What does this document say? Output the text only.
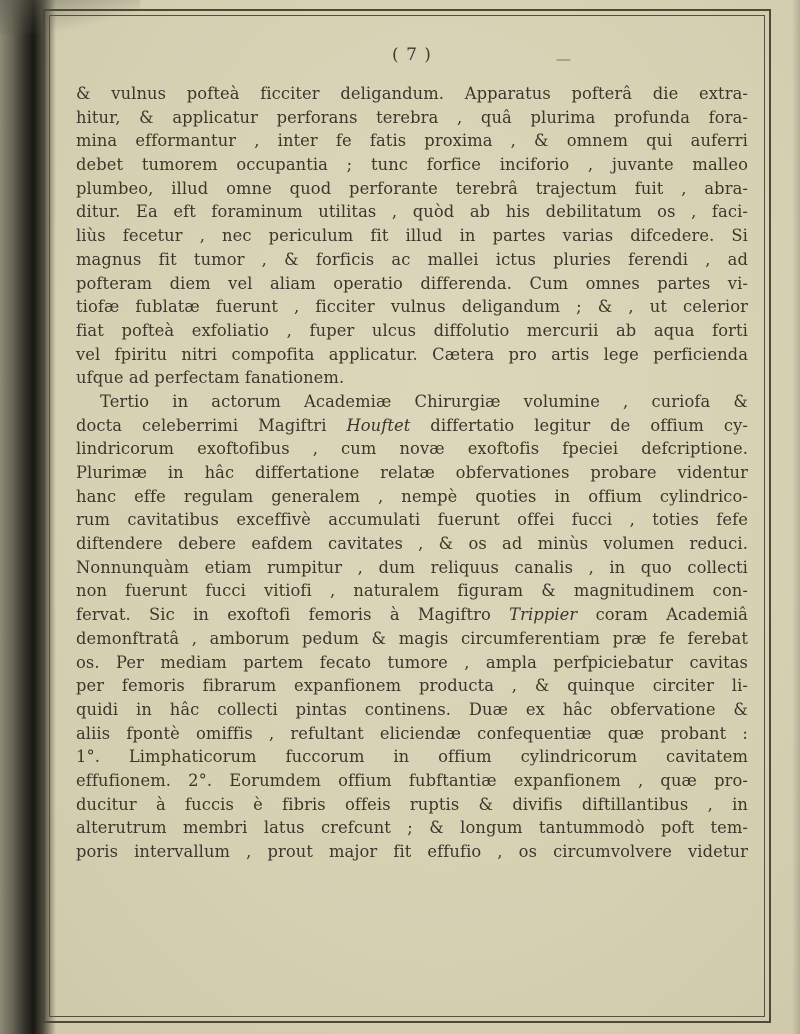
( 7 )	—
& vulnus pofteà ficciter deligandum. Apparatus pofterâ die extra-
hitur, & applicatur perforans terebra , quâ plurima profunda fora-
mina efformantur , inter fe fatis proxima , & omnem qui auferri
debet tumorem occupantia ; tunc forfice inciforio , juvante malleo
plumbeo, illud omne quod perforante terebrâ trajectum fuit , abra-
ditur. Ea eft foraminum utilitas , quòd ab his debilitatum os , faci-
liùs fecetur , nec periculum fit illud in partes varias difcedere. Si
magnus fit tumor , & forficis ac mallei ictus pluries ferendi , ad
pofteram diem vel aliam operatio differenda. Cum omnes partes vi-
tiofæ fublatæ fuerunt , ficciter vulnus deligandum ; & , ut celerior
fiat pofteà exfoliatio , fuper ulcus diffolutio mercurii ab aqua forti
vel fpiritu nitri compofita applicatur. Cætera pro artis lege perficienda
ufque ad perfectam fanationem.
Tertio in actorum Academiæ Chirurgiæ volumine , curiofa &
docta celeberrimi Magiftri Houftet differtatio legitur de offium cy-
lindricorum exoftofibus , cum novæ exoftofis fpeciei defcriptione.
Plurimæ in hâc differtatione relatæ obfervationes probare videntur
hanc effe regulam generalem , nempè quoties in offium cylindrico-
rum cavitatibus exceffivè accumulati fuerunt offei fucci , toties fefe
diftendere debere eafdem cavitates , & os ad minùs volumen reduci.
Nonnunquàm etiam rumpitur , dum reliquus canalis , in quo collecti
non fuerunt fucci vitiofi , naturalem figuram & magnitudinem con-
fervat. Sic in exoftofi femoris à Magiftro Trippier coram Academiâ
demonftratâ , amborum pedum & magis circumferentiam præ fe ferebat
os. Per mediam partem fecato tumore , ampla perfpiciebatur cavitas
per femoris fibrarum expanfionem producta , & quinque circiter li-
quidi in hâc collecti pintas continens. Duæ ex hâc obfervatione &
aliis fpontè omiffis , refultant eliciendæ confequentiæ quæ probant :
1°. Limphaticorum fuccorum in offium cylindricorum cavitatem
effufionem. 2°. Eorumdem offium fubftantiæ expanfionem , quæ pro-
ducitur à fuccis è fibris offeis ruptis & divifis diftillantibus , in
alterutrum membri latus crefcunt ; & longum tantummodò poft tem-
poris intervallum , prout major fit effufio , os circumvolvere videtur
